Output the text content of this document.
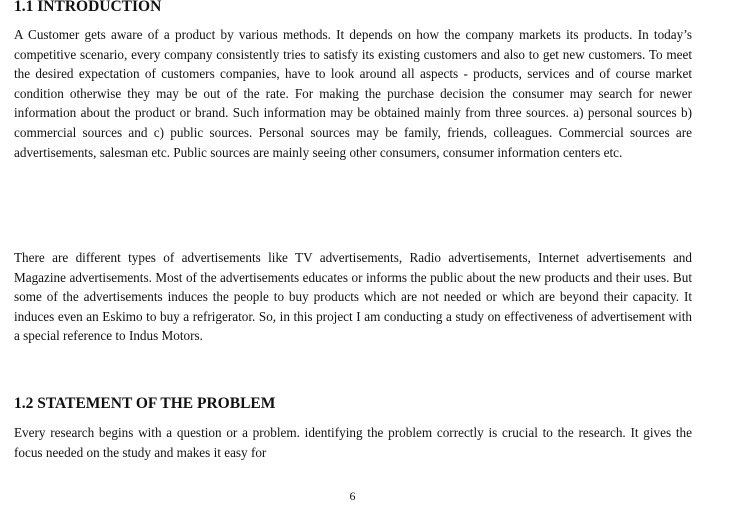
1.1 INTRODUCTION

A Customer gets aware of a product by various methods. It depends on how the company markets its products. In today’s competitive scenario, every company consistently tries to satisfy its existing customers and also to get new customers. To meet the desired expectation of customers companies, have to look around all aspects - products, services and of course market condition otherwise they may be out of the rate. For making the purchase decision the consumer may search for newer information about the product or brand. Such information may be obtained mainly from three sources. a) personal sources b) commercial sources and c) public sources. Personal sources may be family, friends, colleagues. Commercial sources are advertisements, salesman etc. Public sources are mainly seeing other consumers, consumer information centers etc.

There are different types of advertisements like TV advertisements, Radio advertisements, Internet advertisements and Magazine advertisements. Most of the advertisements educates or informs the public about the new products and their uses. But some of the advertisements induces the people to buy products which are not needed or which are beyond their capacity. It induces even an Eskimo to buy a refrigerator. So, in this project I am conducting a study on effectiveness of advertisement with a special reference to Indus Motors.

1.2 STATEMENT OF THE PROBLEM

Every research begins with a question or a problem. identifying the problem correctly is crucial to the research. It gives the focus needed on the study and makes it easy for

6
